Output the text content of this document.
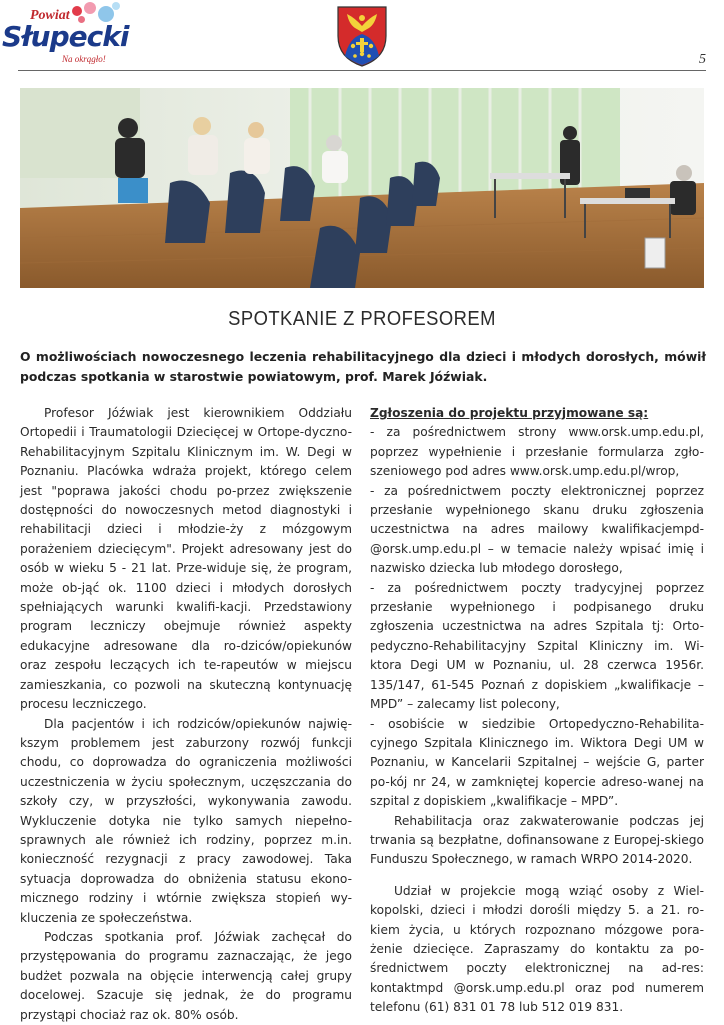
Powiat
Słupecki
Na okrągło!	5
SPOTKANIE Z PROFESOREM
O możliwościach nowoczesnego leczenia rehabilitacyjnego dla dzieci i młodych dorosłych, mówił podczas spotkania w starostwie powiatowym, prof. Marek Jóźwiak.

Profesor Jóźwiak jest kierownikiem Oddziału Ortopedii i Traumatologii Dziecięcej w Ortope-dyczno-Rehabilitacyjnym Szpitalu Klinicznym im. W. Degi w Poznaniu. Placówka wdraża projekt, którego celem jest "poprawa jakości chodu po-przez zwiększenie dostępności do nowoczesnych metod diagnostyki i rehabilitacji dzieci i młodzie-ży z mózgowym porażeniem dziecięcym". Projekt adresowany jest do osób w wieku 5 - 21 lat. Prze-widuje się, że program, może ob-jąć ok. 1100 dzieci i młodych dorosłych spełniających warunki kwalifi-kacji. Przedstawiony program leczniczy obejmuje również aspekty edukacyjne adresowane dla ro-dziców/opiekunów oraz zespołu leczących ich te-rapeutów w miejscu zamieszkania, co pozwoli na skuteczną kontynuację procesu leczniczego.

Dla pacjentów i ich rodziców/opiekunów najwię-kszym problemem jest zaburzony rozwój funkcji chodu, co doprowadza do ograniczenia możliwości uczestniczenia w życiu społecznym, uczęszczania do szkoły czy, w przyszłości, wykonywania zawodu. Wykluczenie dotyka nie tylko samych niepełno-sprawnych ale również ich rodziny, poprzez m.in. konieczność rezygnacji z pracy zawodowej. Taka sytuacja doprowadza do obniżenia statusu ekono-micznego rodziny i wtórnie zwiększa stopień wy-kluczenia ze społeczeństwa.

Podczas spotkania prof. Jóźwiak zachęcał do przystępowania do programu zaznaczając, że jego budżet pozwala na objęcie interwencją całej grupy docelowej. Szacuje się jednak, że do programu przystąpi chociaż raz ok. 80% osób.

Zgłoszenia do projektu przyjmowane są:

- za pośrednictwem strony www.orsk.ump.edu.pl, poprzez wypełnienie i przesłanie formularza zgło-szeniowego pod adres www.orsk.ump.edu.pl/wrop,

- za pośrednictwem poczty elektronicznej poprzez przesłanie wypełnionego skanu druku zgłoszenia uczestnictwa na adres mailowy kwalifikacjempd-@orsk.ump.edu.pl – w temacie należy wpisać imię i nazwisko dziecka lub młodego dorosłego,

- za pośrednictwem poczty tradycyjnej poprzez przesłanie wypełnionego i podpisanego druku zgłoszenia uczestnictwa na adres Szpitala tj: Orto-pedyczno-Rehabilitacyjny Szpital Kliniczny im. Wi-ktora Degi UM w Poznaniu, ul. 28 czerwca 1956r. 135/147, 61-545 Poznań z dopiskiem „kwalifikacje – MPD” – zalecamy list polecony,

- osobiście w siedzibie Ortopedyczno-Rehabilita-cyjnego Szpitala Klinicznego im. Wiktora Degi UM w Poznaniu, w Kancelarii Szpitalnej – wejście G, parter po-kój nr 24, w zamkniętej kopercie adreso-wanej na szpital z dopiskiem „kwalifikacje – MPD”.

Rehabilitacja oraz zakwaterowanie podczas jej trwania są bezpłatne, dofinansowane z Europej-skiego Funduszu Społecznego, w ramach WRPO 2014-2020.

Udział w projekcie mogą wziąć osoby z Wiel-kopolski, dzieci i młodzi dorośli między 5. a 21. ro-kiem życia, u których rozpoznano mózgowe pora-żenie dziecięce. Zapraszamy do kontaktu za po-średnictwem poczty elektronicznej na ad-res: kontaktmpd @orsk.ump.edu.pl oraz pod numerem telefonu (61) 831 01 78 lub 512 019 831.
